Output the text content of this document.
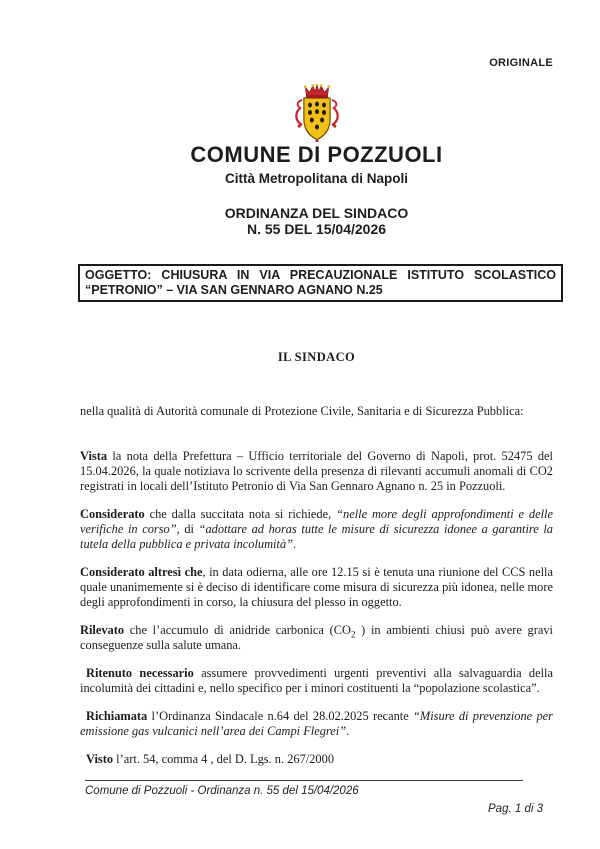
ORIGINALE
COMUNE DI POZZUOLI
Città Metropolitana di Napoli
ORDINANZA DEL SINDACO
N. 55 DEL 15/04/2026
OGGETTO: CHIUSURA IN VIA PRECAUZIONALE ISTITUTO SCOLASTICO
“PETRONIO” – VIA SAN GENNARO AGNANO N.25
IL SINDACO

nella qualità di Autorità comunale di Protezione Civile, Sanitaria e di Sicurezza Pubblica:

Vista la nota della Prefettura – Ufficio territoriale del Governo di Napoli, prot. 52475 del 15.04.2026, la quale notiziava lo scrivente della presenza di rilevanti accumuli anomali di CO2 registrati in locali dell’Istituto Petronio di Via San Gennaro Agnano n. 25 in Pozzuoli.

Considerato che dalla succitata nota si richiede, “nelle more degli approfondimenti e delle verifiche in corso”, di “adottare ad horas tutte le misure di sicurezza idonee a garantire la tutela della pubblica e privata incolumità”.

Considerato altresì che, in data odierna, alle ore 12.15 si è tenuta una riunione del CCS nella quale unanimemente si è deciso di identificare come misura di sicurezza più idonea, nelle more degli approfondimenti in corso, la chiusura del plesso in oggetto.

Rilevato che l’accumulo di anidride carbonica ($CO_2$ ) in ambienti chiusi può avere gravi conseguenze sulla salute umana.

Ritenuto necessario assumere provvedimenti urgenti preventivi alla salvaguardia della incolumità dei cittadini e, nello specifico per i minori costituenti la “popolazione scolastica”.

Richiamata l’Ordinanza Sindacale n.64 del 28.02.2025 recante “Misure di prevenzione per emissione gas vulcanici nell’area dei Campi Flegrei”.

Visto l’art. 54, comma 4 , del D. Lgs. n. 267/2000

Comune di Pozzuoli - Ordinanza n. 55 del 15/04/2026
Pag. 1 di 3
